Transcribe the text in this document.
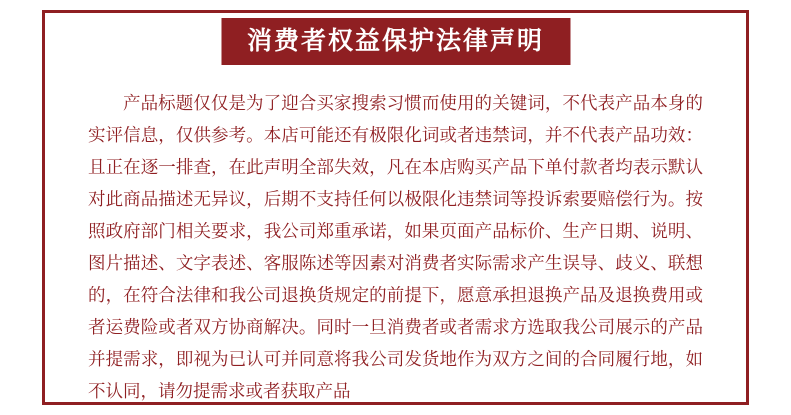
消费者权益保护法律声明
产品标题仅仅是为了迎合买家搜索习惯而使用的关键词，不代表产品本身的实评信息，仅供参考。本店可能还有极限化词或者违禁词，并不代表产品功效：且正在逐一排查，在此声明全部失效，凡在本店购买产品下单付款者均表示默认对此商品描述无异议，后期不支持任何以极限化违禁词等投诉索要赔偿行为。按照政府部门相关要求，我公司郑重承诺，如果页面产品标价、生产日期、说明、图片描述、文字表述、客服陈述等因素对消费者实际需求产生误导、歧义、联想的，在符合法律和我公司退换货规定的前提下，愿意承担退换产品及退换费用或者运费险或者双方协商解决。同时一旦消费者或者需求方选取我公司展示的产品并提需求，即视为已认可并同意将我公司发货地作为双方之间的合同履行地，如不认同，请勿提需求或者获取产品
